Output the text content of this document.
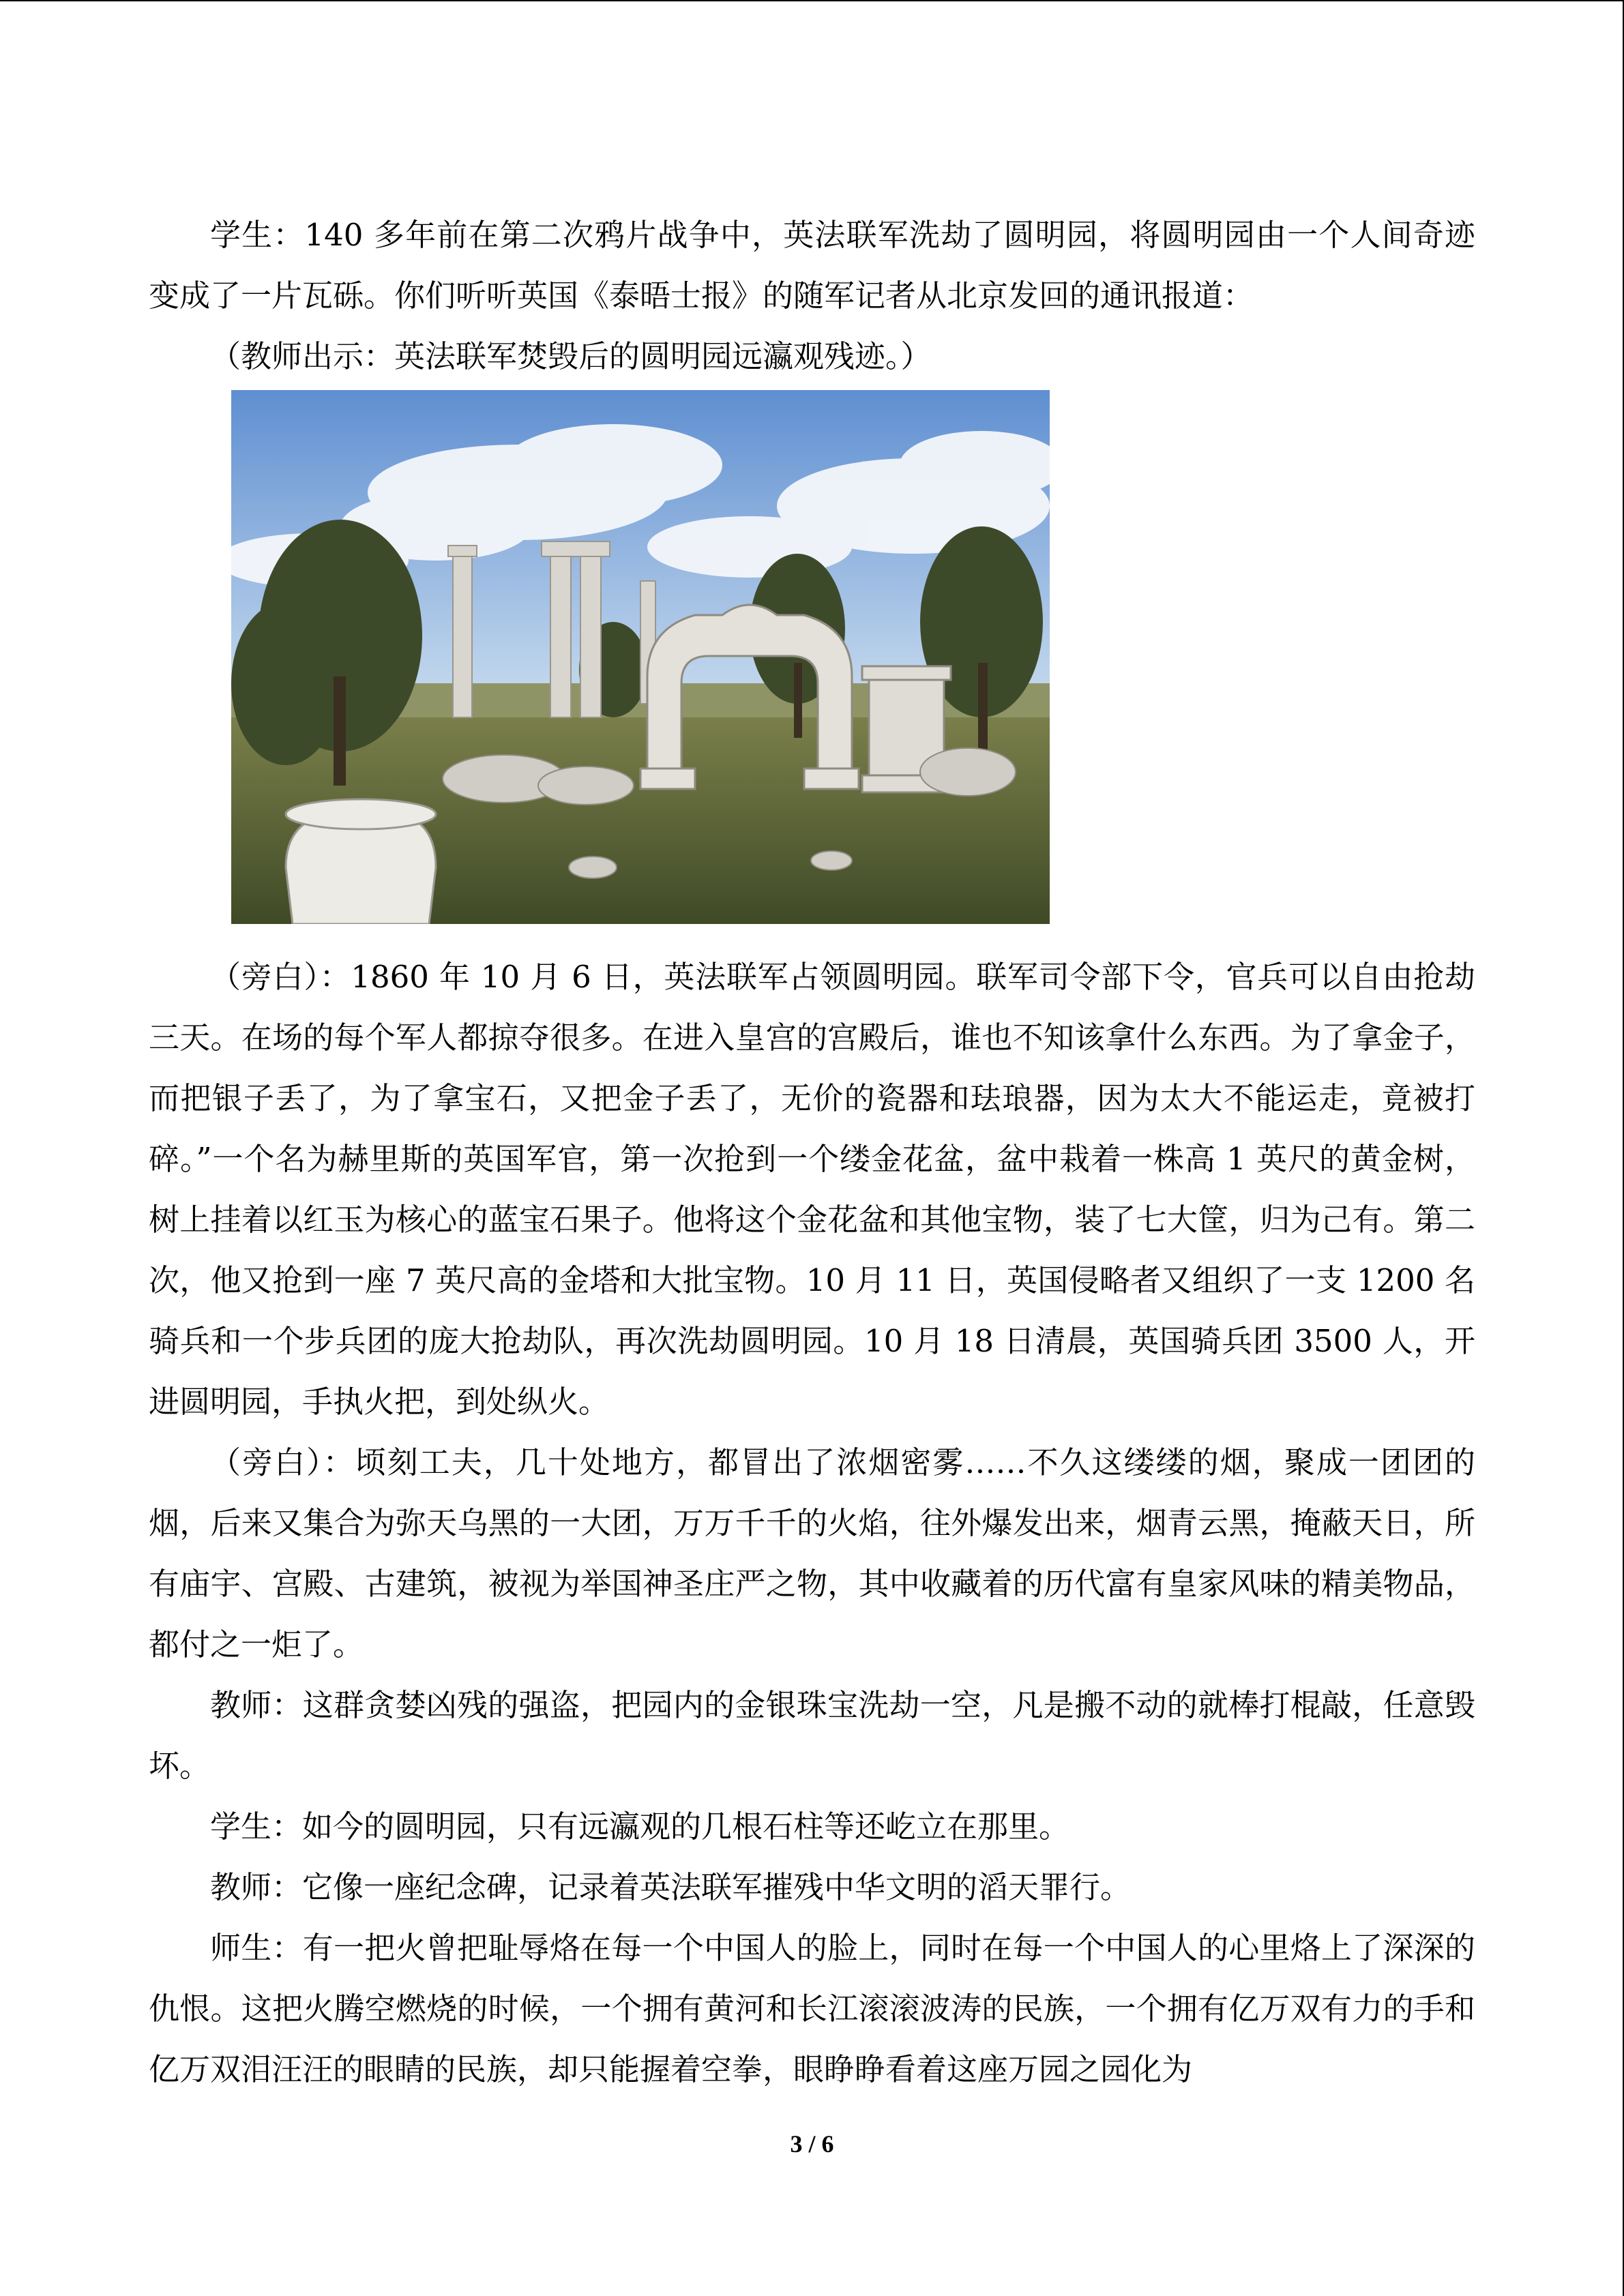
学生：140 多年前在第二次鸦片战争中，英法联军洗劫了圆明园，将圆明园由一个人间奇迹变成了一片瓦砾。你们听听英国《泰晤士报》的随军记者从北京发回的通讯报道：

（教师出示：英法联军焚毁后的圆明园远瀛观残迹。）

（旁白）：1860 年 10 月 6 日，英法联军占领圆明园。联军司令部下令，官兵可以自由抢劫三天。在场的每个军人都掠夺很多。在进入皇宫的宫殿后，谁也不知该拿什么东西。为了拿金子，而把银子丢了，为了拿宝石，又把金子丢了，无价的瓷器和珐琅器，因为太大不能运走，竟被打碎。”一个名为赫里斯的英国军官，第一次抢到一个缕金花盆，盆中栽着一株高 1 英尺的黄金树，树上挂着以红玉为核心的蓝宝石果子。他将这个金花盆和其他宝物，装了七大筐，归为己有。第二次，他又抢到一座 7 英尺高的金塔和大批宝物。10 月 11 日，英国侵略者又组织了一支 1200 名骑兵和一个步兵团的庞大抢劫队，再次洗劫圆明园。10 月 18 日清晨，英国骑兵团 3500 人，开进圆明园，手执火把，到处纵火。

（旁白）：顷刻工夫，几十处地方，都冒出了浓烟密雾……不久这缕缕的烟，聚成一团团的烟，后来又集合为弥天乌黑的一大团，万万千千的火焰，往外爆发出来，烟青云黑，掩蔽天日，所有庙宇、宫殿、古建筑，被视为举国神圣庄严之物，其中收藏着的历代富有皇家风味的精美物品，都付之一炬了。

教师：这群贪婪凶残的强盗，把园内的金银珠宝洗劫一空，凡是搬不动的就棒打棍敲，任意毁坏。

学生：如今的圆明园，只有远瀛观的几根石柱等还屹立在那里。

教师：它像一座纪念碑，记录着英法联军摧残中华文明的滔天罪行。

师生：有一把火曾把耻辱烙在每一个中国人的脸上，同时在每一个中国人的心里烙上了深深的仇恨。这把火腾空燃烧的时候，一个拥有黄河和长江滚滚波涛的民族，一个拥有亿万双有力的手和亿万双泪汪汪的眼睛的民族，却只能握着空拳，眼睁睁看着这座万园之园化为

3 / 6
